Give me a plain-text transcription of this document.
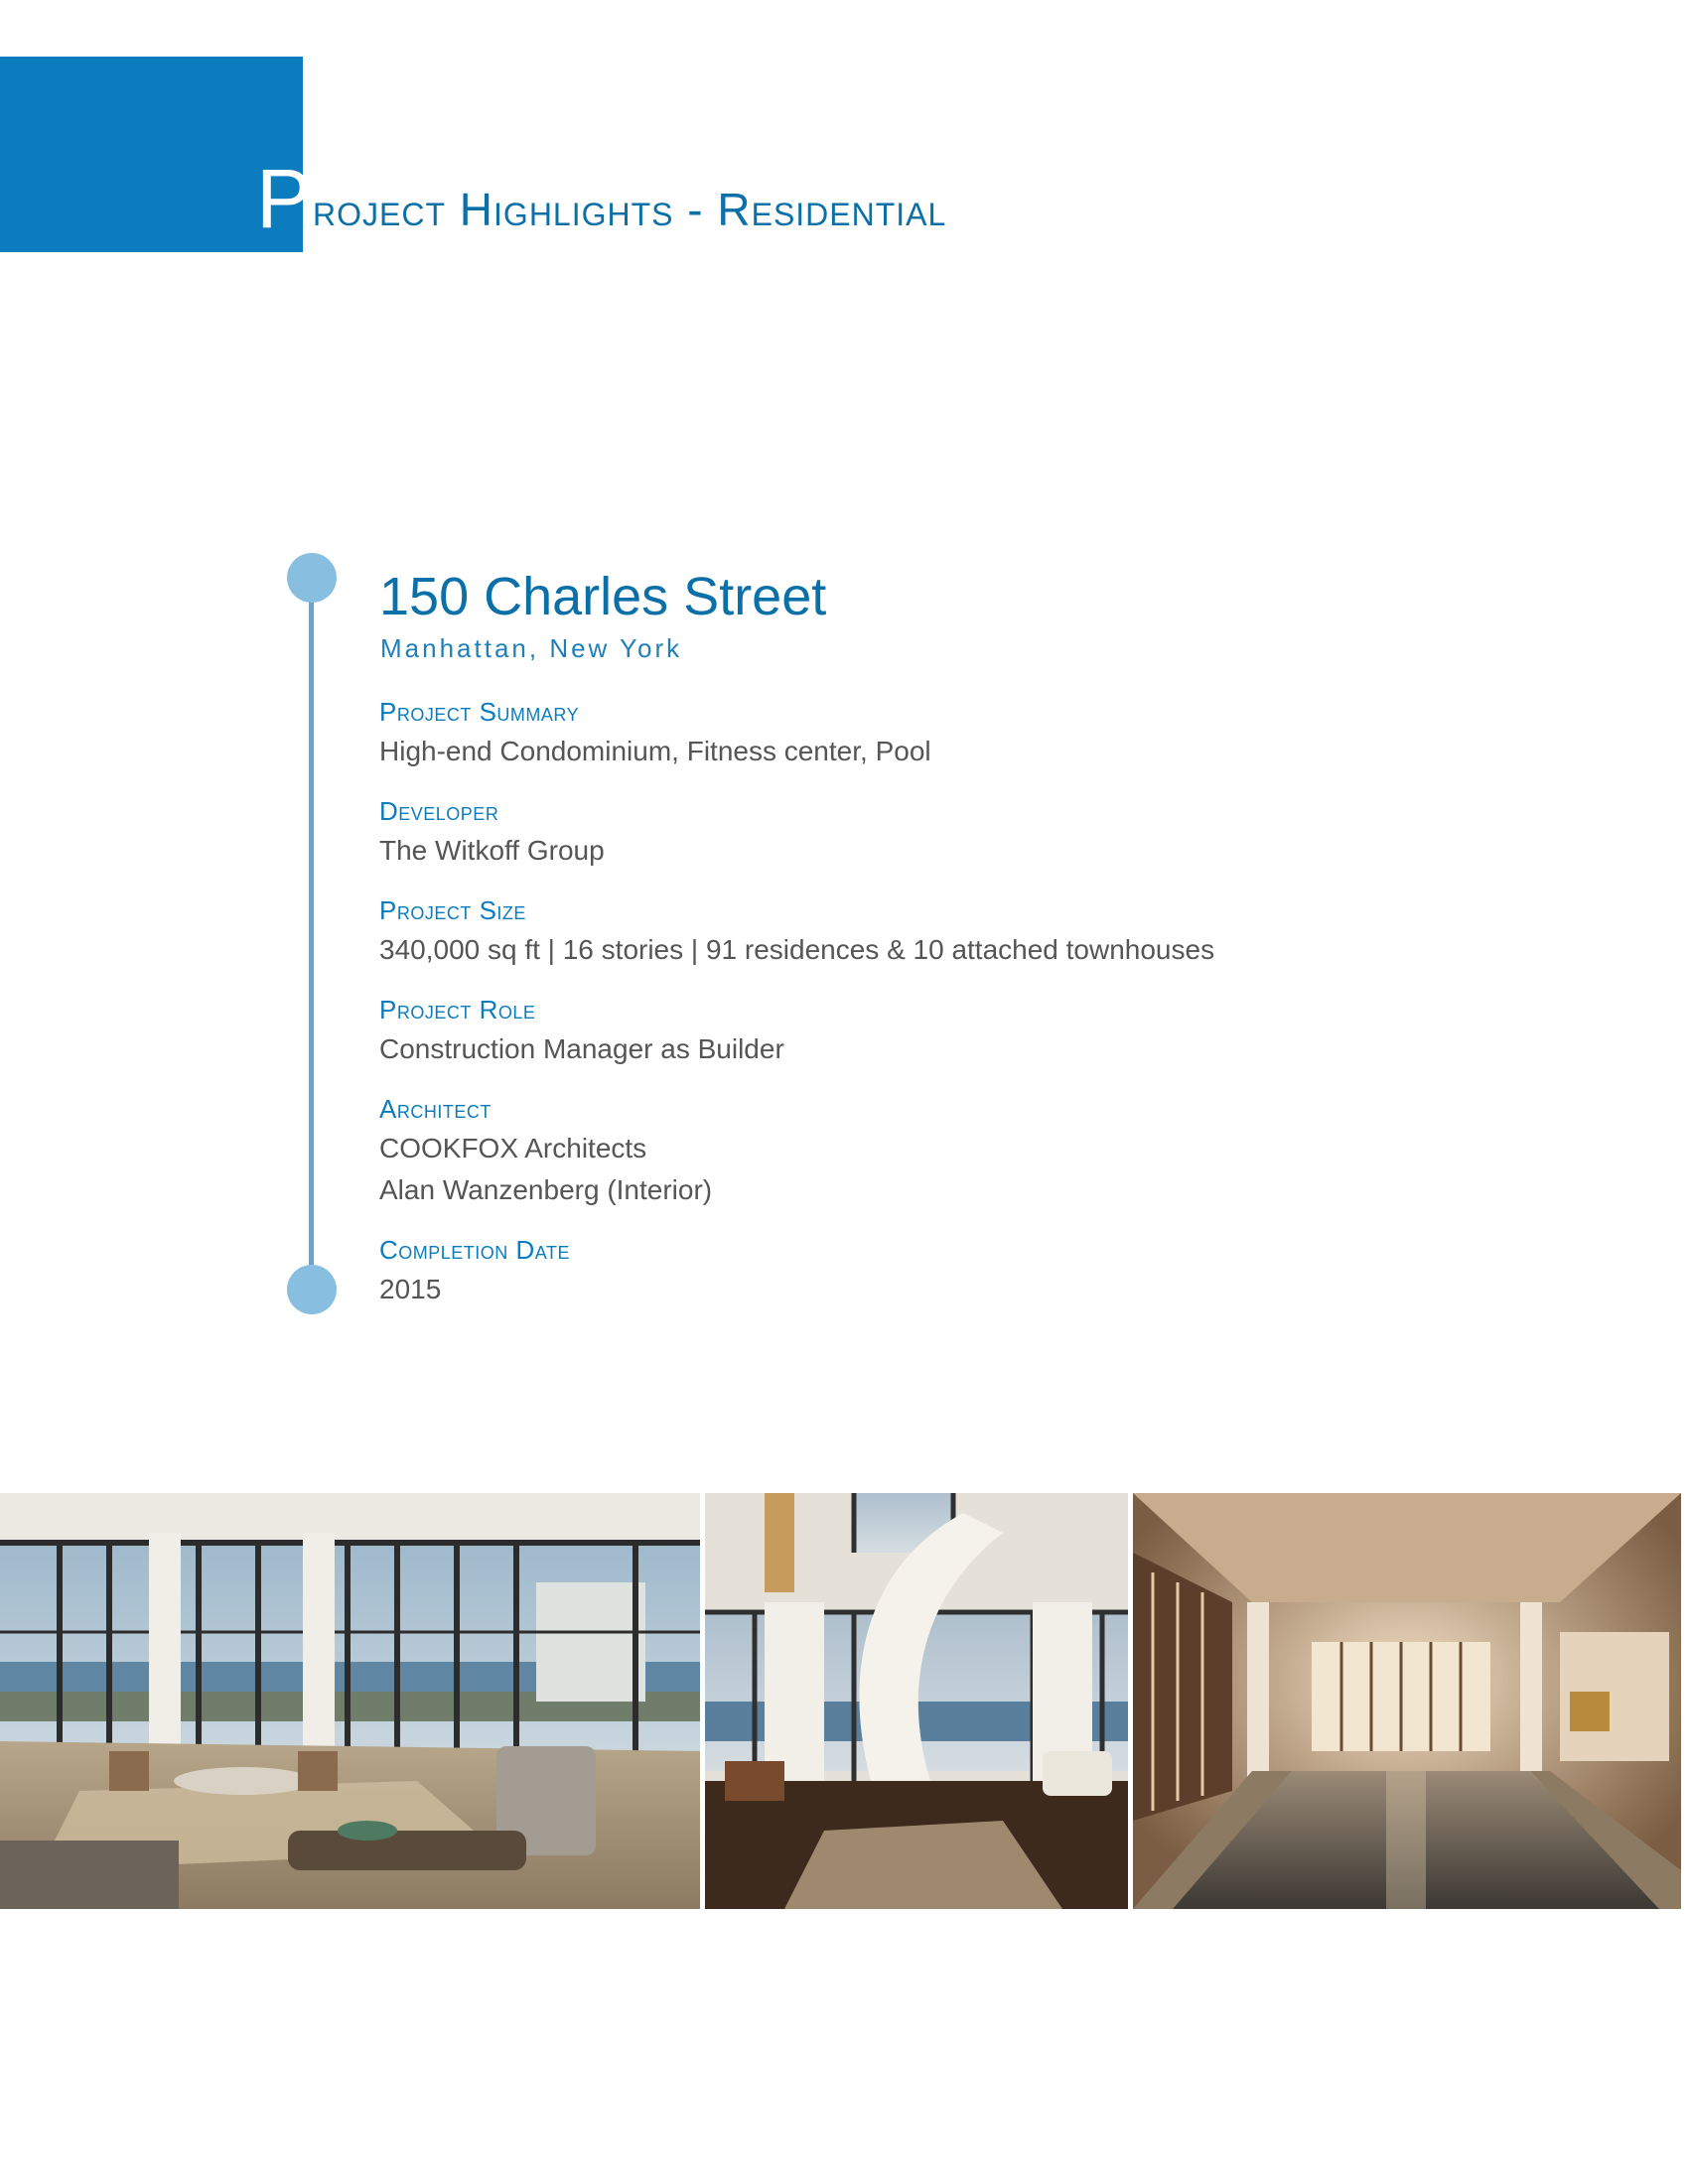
Project Highlights - Residential
150 Charles Street
Manhattan, New York
Project Summary
High-end Condominium, Fitness center, Pool
Developer
The Witkoff Group
Project Size
340,000 sq ft | 16 stories | 91 residences & 10 attached townhouses
Project Role
Construction Manager as Builder
Architect
COOKFOX Architects
Alan Wanzenberg (Interior)
Completion Date
2015
